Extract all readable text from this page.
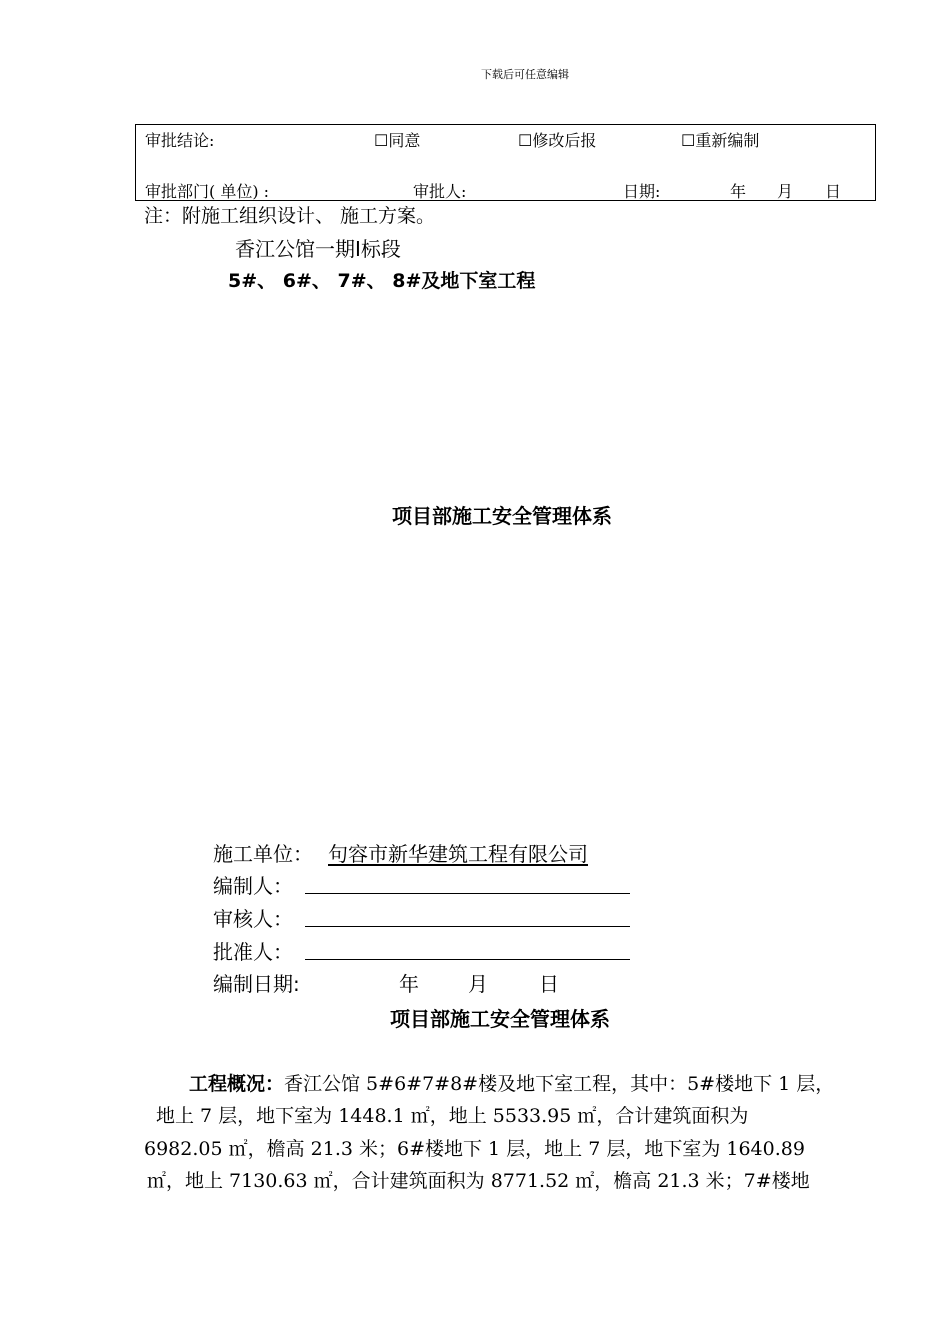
下载后可任意编辑
审批结论:	☐同意	☐修改后报	☐重新编制
审批部门( 单位) :	审批人:	日期:	年 月 日
注：附施工组织设计、 施工方案。
香江公馆一期Ⅰ标段
5#、 6#、 7#、 8#及地下室工程
项目部施工安全管理体系
施工单位： 句容市新华建筑工程有限公司
编制人：
审核人：
批准人：
编制日期:	年 月	日
项目部施工安全管理体系
工程概况：香江公馆 5#6#7#8#楼及地下室工程，其中：5#楼地下 1 层，
地上 7 层，地下室为 1448.1 ㎡，地上 5533.95 ㎡，合计建筑面积为
6982.05 ㎡，檐高 21.3 米；6#楼地下 1 层，地上 7 层，地下室为 1640.89
㎡，地上 7130.63 ㎡，合计建筑面积为 8771.52 ㎡，檐高 21.3 米；7#楼地
